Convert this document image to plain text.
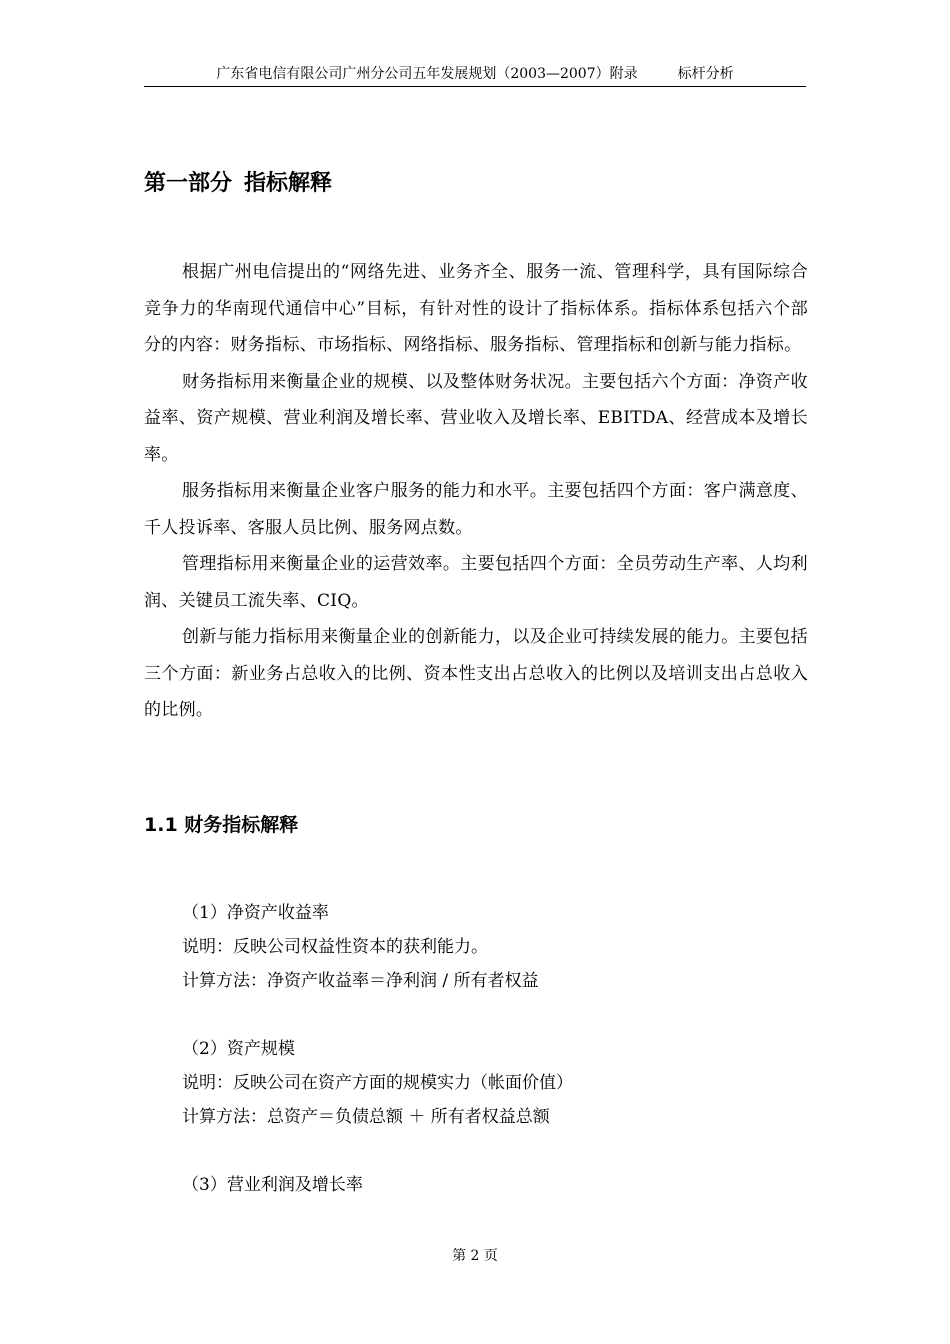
广东省电信有限公司广州分公司五年发展规划（2003—2007）附录	标杆分析
第一部分 指标解释

根据广州电信提出的“网络先进、业务齐全、服务一流、管理科学，具有国际综合竞争力的华南现代通信中心”目标，有针对性的设计了指标体系。指标体系包括六个部分的内容：财务指标、市场指标、网络指标、服务指标、管理指标和创新与能力指标。

财务指标用来衡量企业的规模、以及整体财务状况。主要包括六个方面：净资产收益率、资产规模、营业利润及增长率、营业收入及增长率、EBITDA、经营成本及增长率。

服务指标用来衡量企业客户服务的能力和水平。主要包括四个方面：客户满意度、千人投诉率、客服人员比例、服务网点数。

管理指标用来衡量企业的运营效率。主要包括四个方面：全员劳动生产率、人均利润、关键员工流失率、CIQ。

创新与能力指标用来衡量企业的创新能力，以及企业可持续发展的能力。主要包括三个方面：新业务占总收入的比例、资本性支出占总收入的比例以及培训支出占总收入的比例。

1.1 财务指标解释
（1）净资产收益率
说明：反映公司权益性资本的获利能力。
计算方法：净资产收益率＝净利润 / 所有者权益
（2）资产规模
说明：反映公司在资产方面的规模实力（帐面价值）
计算方法：总资产＝负债总额 ＋ 所有者权益总额
（3）营业利润及增长率
第 2 页
